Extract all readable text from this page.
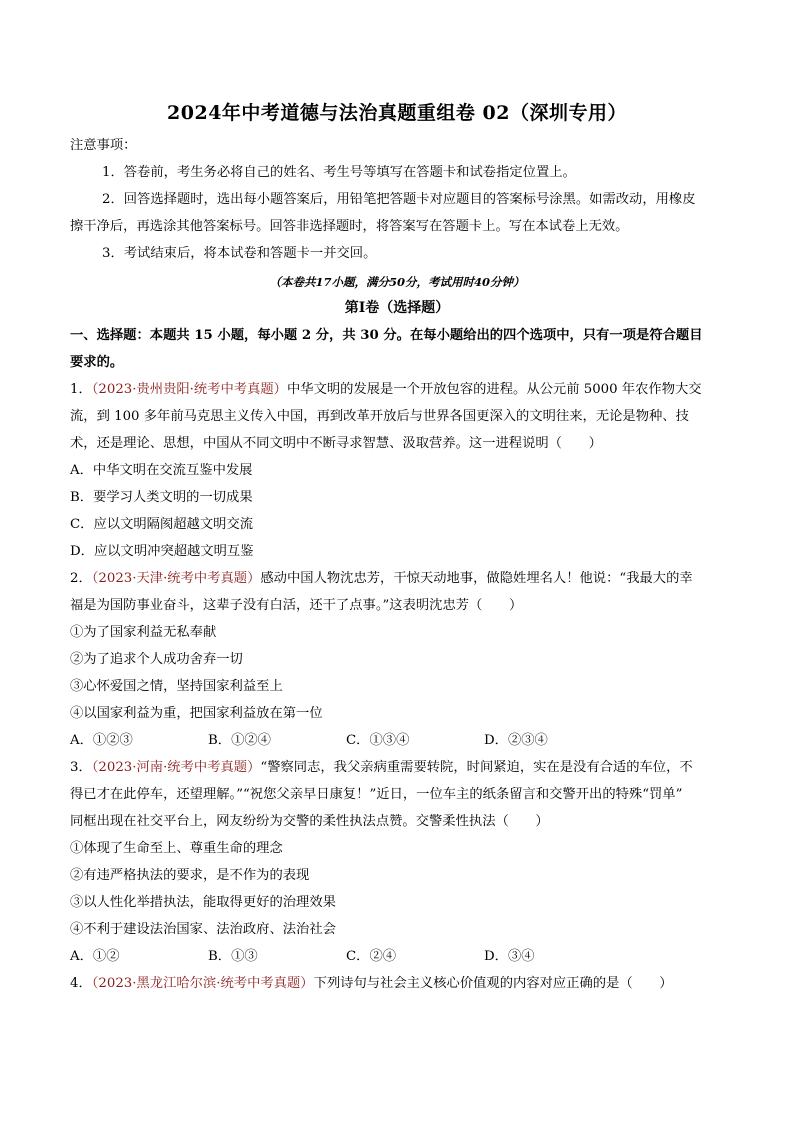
2024年中考道德与法治真题重组卷 02（深圳专用）
注意事项：
1．答卷前，考生务必将自己的姓名、考生号等填写在答题卡和试卷指定位置上。
2．回答选择题时，选出每小题答案后，用铅笔把答题卡对应题目的答案标号涂黑。如需改动，用橡皮
擦干净后，再选涂其他答案标号。回答非选择题时，将答案写在答题卡上。写在本试卷上无效。
3．考试结束后，将本试卷和答题卡一并交回。
（本卷共17小题，满分50分，考试用时40分钟）
第Ⅰ卷（选择题）
一、选择题：本题共 15 小题，每小题 2 分，共 30 分。在每小题给出的四个选项中，只有一项是符合题目
要求的。
1．（2023·贵州贵阳·统考中考真题）中华文明的发展是一个开放包容的进程。从公元前 5000 年农作物大交
流，到 100 多年前马克思主义传入中国，再到改革开放后与世界各国更深入的文明往来，无论是物种、技
术，还是理论、思想，中国从不同文明中不断寻求智慧、汲取营养。这一进程说明（　　）
A．中华文明在交流互鉴中发展
B．要学习人类文明的一切成果
C．应以文明隔阂超越文明交流
D．应以文明冲突超越文明互鉴
2．（2023·天津·统考中考真题）感动中国人物沈忠芳，干惊天动地事，做隐姓埋名人！他说：“我最大的幸
福是为国防事业奋斗，这辈子没有白活，还干了点事。”这表明沈忠芳（　　）
①为了国家利益无私奉献
②为了追求个人成功舍弃一切
③心怀爱国之情，坚持国家利益至上
④以国家利益为重，把国家利益放在第一位
A．①②③	B．①②④	C．①③④	D．②③④
3．（2023·河南·统考中考真题）“警察同志，我父亲病重需要转院，时间紧迫，实在是没有合适的车位，不
得已才在此停车，还望理解。”“祝您父亲早日康复！”近日，一位车主的纸条留言和交警开出的特殊“罚单”
同框出现在社交平台上，网友纷纷为交警的柔性执法点赞。交警柔性执法（　　）
①体现了生命至上、尊重生命的理念
②有违严格执法的要求，是不作为的表现
③以人性化举措执法，能取得更好的治理效果
④不利于建设法治国家、法治政府、法治社会
A．①②	B．①③	C．②④	D．③④
4．（2023·黑龙江哈尔滨·统考中考真题）下列诗句与社会主义核心价值观的内容对应正确的是（　　）
